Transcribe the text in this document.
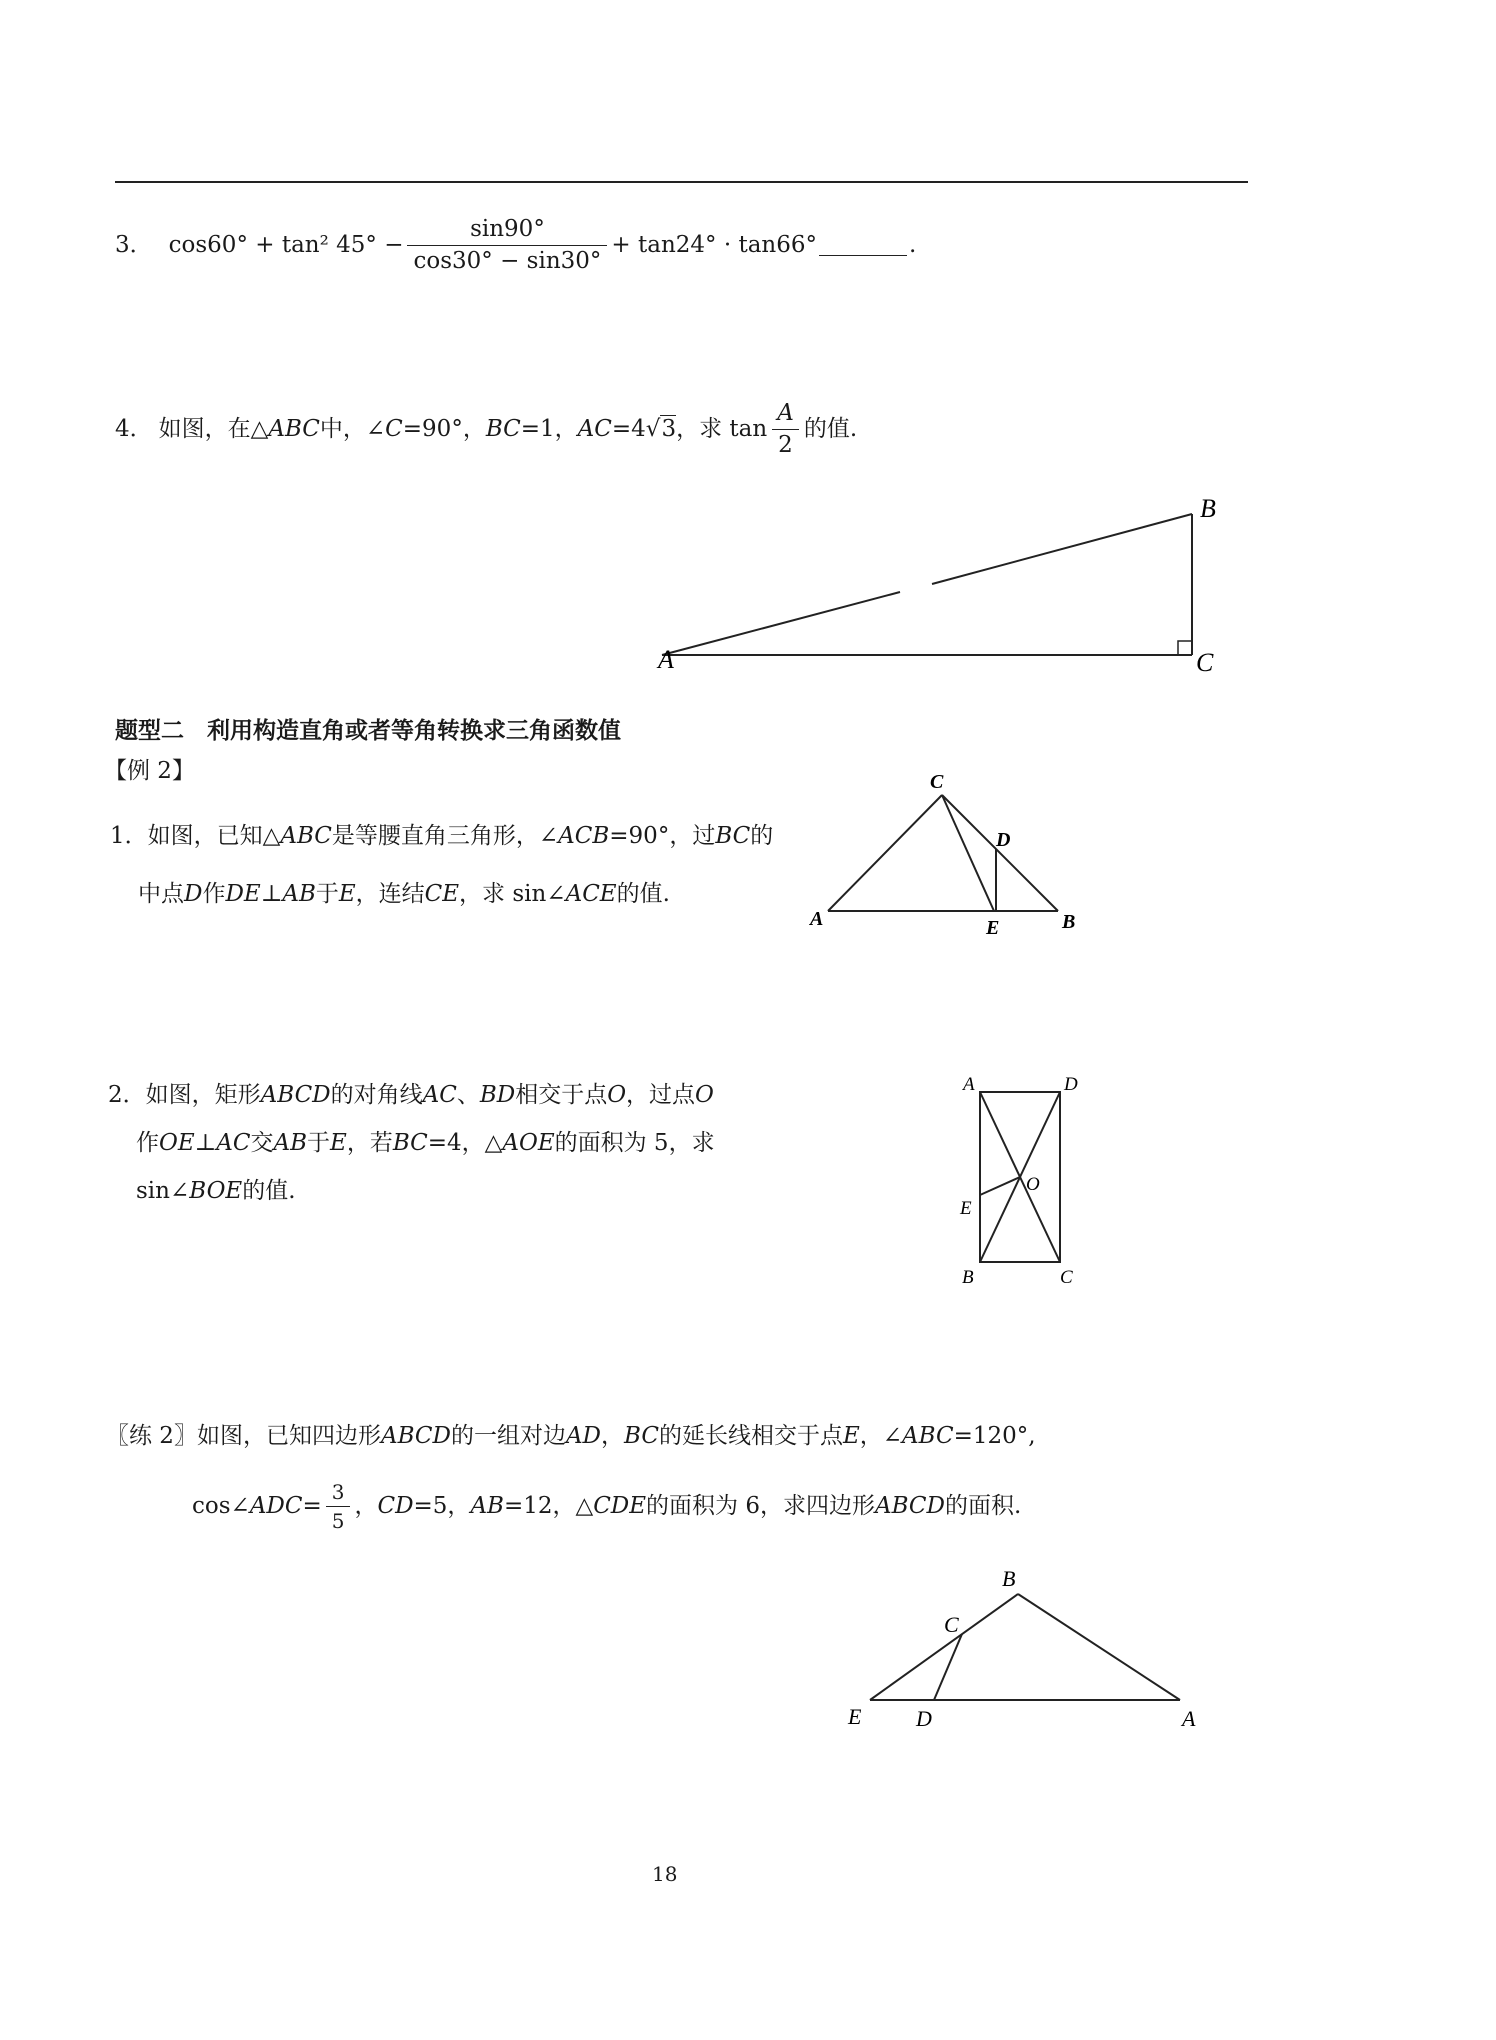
3． cos60° + tan² $45^\circ - \frac{\sin 90^\circ}{\cos 30^\circ - \sin 30^\circ} + \tan 24^\circ \cdot \tan 66^\circ$	.
4． 如图，在△ ABC 中，∠ C =90°， BC =1， AC =4 √3 ，求 $\tan \frac{A}{2}$ 的值.
B
C
A
题型二　利用构造直角或者等角转换求三角函数值
【例 2】
1．如图，已知△ABC是等腰直角三角形，∠ACB=90°，过BC的
中点D作DE⊥AB于E，连结CE，求 sin∠ACE的值.
C
D
A	E	B
2．如图，矩形ABCD的对角线AC、BD相交于点O，过点O
作OE⊥AC交AB于E，若BC=4，△AOE的面积为 5，求
sin∠BOE的值.
A	D
O
E
B	C
〖练 2〗如图，已知四边形ABCD的一组对边AD，BC的延长线相交于点E，∠ABC=120°,
cos∠ ADC = $\frac{3}{5}$ ， CD =5， AB =12，△ CDE 的面积为 6，求四边形 ABCD 的面积.
B
C
E D	A
18
